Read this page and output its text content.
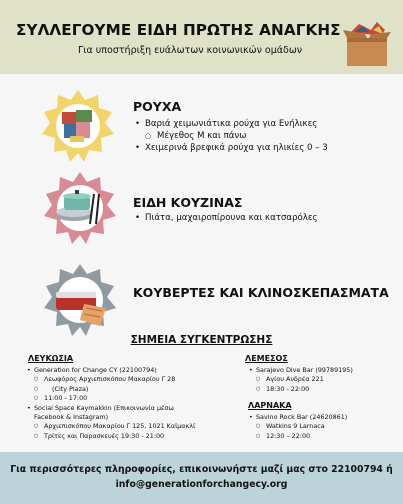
ΣΥΛΛΕΓΟΥΜΕ ΕΙΔΗ ΠΡΩΤΗΣ ΑΝΑΓΚΗΣ
Για υποστήριξη ευάλωτων κοινωνικών ομάδων
ΡΟΥΧΑ
• Βαριά χειμωνιάτικα ρούχα για Ενήλικες
○ Μέγεθος Μ και πάνω
• Χειμερινά βρεφικά ρούχα για ηλικίες 0 – 3
ΕΙΔΗ ΚΟΥΖΙΝΑΣ
• Πιάτα, μαχαιροπίρουνα και κατσαρόλες
ΚΟΥΒΕΡΤΕΣ ΚΑΙ ΚΛΙΝΟΣΚΕΠΑΣΜΑΤΑ
ΣΗΜΕΙΑ ΣΥΓΚΕΝΤΡΩΣΗΣ
ΛΕΥΚΩΣΙΑ
• Generation for Change CY (22100794)
○ Λεωφόρος Αρχιεπισκόπου Μακαρίου Γ 28
○ (City Plaza)
○ 11:00 - 17:00
• Social Space Kaymakkin (Επικοινωνία μέσω
Facebook & Instagram)
○ Αρχιεπισκόπου Μακαρίου Γ 125, 1021 Καϊμακλί
○ Τρίτες και Παρασκευές 19:30 - 21:00
ΛΕΜΕΣΟΣ
• Sarajevo Dive Bar (99789195)
○ Αγίου Ανδρέα 221
○ 18:30 - 22:00
ΛΑΡΝΑΚΑ
• Savino Rock Bar (24620861)
○ Watkins 9 Larnaca
○ 12:30 – 22:00
Για περισσότερες πληροφορίες, επικοινωνήστε μαζί μας στο 22100794 ή
info@generationforchangecy.org
